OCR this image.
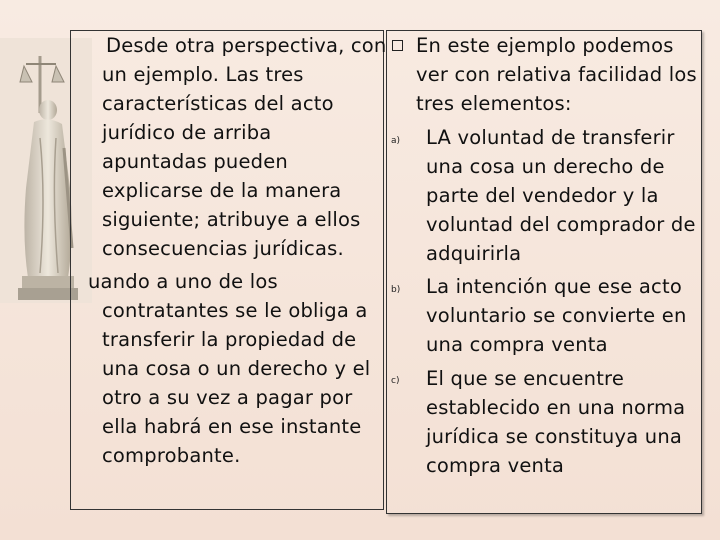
Desde otra perspectiva, con
un ejemplo. Las tres
características del acto
jurídico de arriba
apuntadas pueden
explicarse de la manera
siguiente; atribuye a ellos
consecuencias jurídicas.
uando a uno de los
contratantes se le obliga a
transferir la propiedad de
una cosa o un derecho y el
otro a su vez a pagar por
ella habrá en ese instante
comprobante.
En este ejemplo podemos
ver con relativa facilidad los
tres elementos:
a) LA voluntad de transferir
una cosa un derecho de
parte del vendedor y la
voluntad del comprador de
adquirirla
b) La intención que ese acto
voluntario se convierte en
una compra venta
c) El que se encuentre
establecido en una norma
jurídica se constituya una
compra venta
